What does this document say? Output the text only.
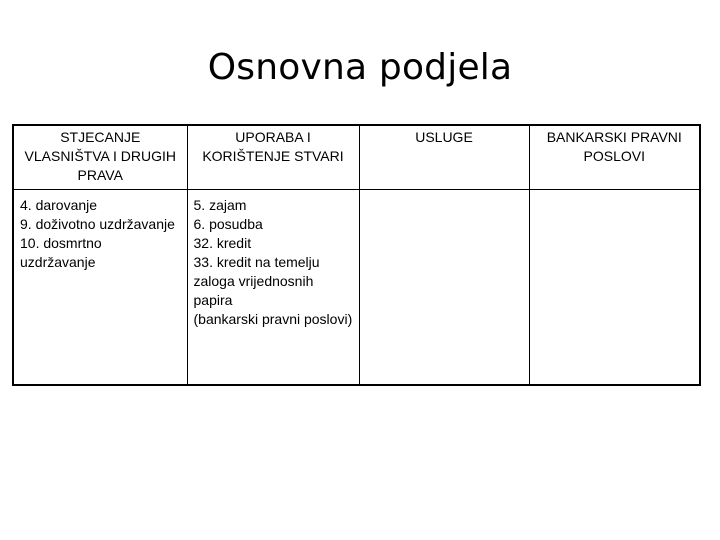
Osnovna podjela
STJECANJE VLASNIŠTVA I DRUGIH PRAVA	UPORABA I KORIŠTENJE STVARI	USLUGE	BANKARSKI PRAVNI POSLOVI

4. darovanje
9. doživotno uzdržavanje
10. dosmrtno uzdržavanje	5. zajam
6. posudba
32. kredit
33. kredit na temelju zaloga vrijednosnih papira
(bankarski pravni poslovi)		
